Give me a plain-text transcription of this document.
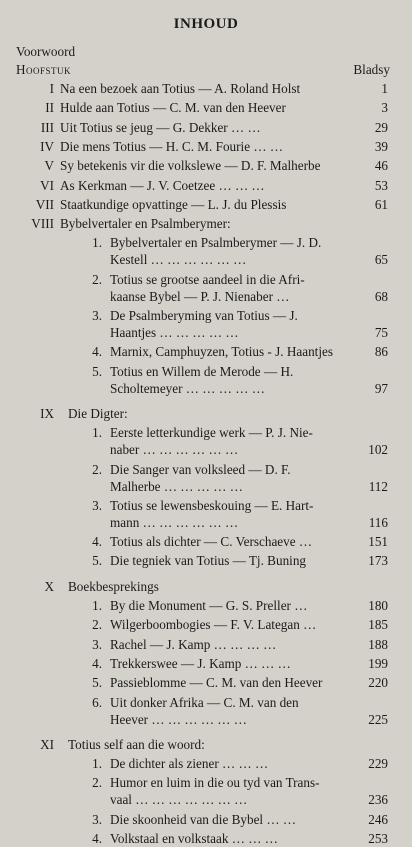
INHOUD
Voorwoord
Hoofstuk	Bladsy
I Na een bezoek aan Totius — A. Roland Holst	1
II Hulde aan Totius — C. M. van den Heever	3
III Uit Totius se jeug — G. Dekker … …	29
IV Die mens Totius — H. C. M. Fourie … …	39
V Sy betekenis vir die volkslewe — D. F. Malherbe	46
VI As Kerkman — J. V. Coetzee … … …	53
VII Staatkundige opvattinge — L. J. du Plessis	61
VIII Bybelvertaler en Psalmberymer:
1. Bybelvertaler en Psalmberymer — J. D.
Kestell … … … … … …	65
2. Totius se grootse aandeel in die Afri-
kaanse Bybel — P. J. Nienaber …	68
3. De Psalmberyming van Totius — J.
Haantjes … … … … …	75
4. Marnix, Camphuyzen, Totius - J. Haantjes	86
5. Totius en Willem de Merode — H.
Scholtemeyer … … … … …	97
IX Die Digter:
1. Eerste letterkundige werk — P. J. Nie-
naber … … … … … …	102
2. Die Sanger van volksleed — D. F.
Malherbe … … … … …	112
3. Totius se lewensbeskouing — E. Hart-
mann … … … … … …	116
4. Totius als dichter — C. Verschaeve …	151
5. Die tegniek van Totius — Tj. Buning	173
X Boekbesprekings
1. By die Monument — G. S. Preller …	180
2. Wilgerboombogies — F. V. Lategan …	185
3. Rachel — J. Kamp … … … …	188
4. Trekkerswee — J. Kamp … … …	199
5. Passieblomme — C. M. van den Heever	220
6. Uit donker Afrika — C. M. van den
Heever … … … … … …	225
XI Totius self aan die woord:
1. De dichter als ziener … … …	229
2. Humor en luim in die ou tyd van Trans-
vaal … … … … … … …	236
3. Die skoonheid van die Bybel … …	246
4. Volkstaal en volkstaak … … …	253
